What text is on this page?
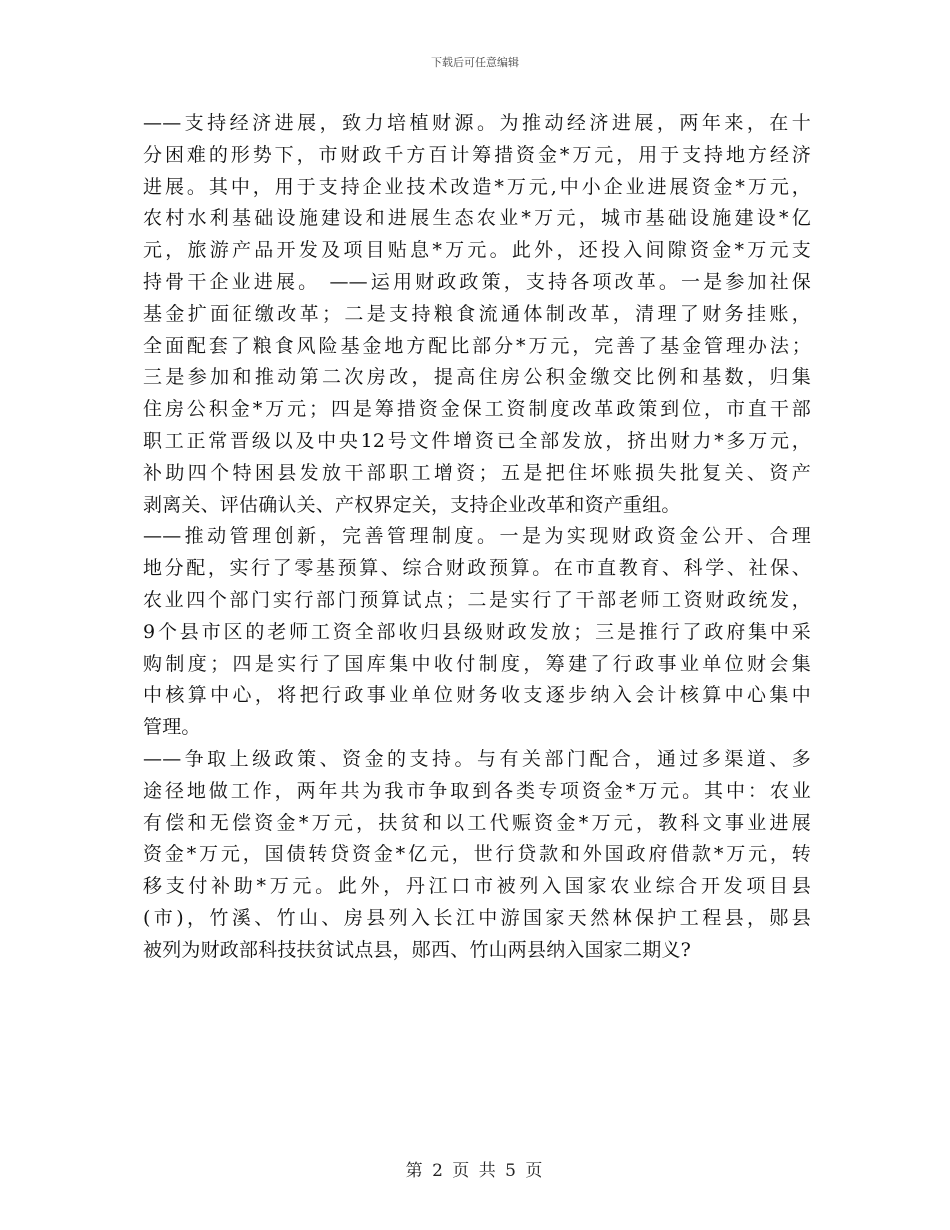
下载后可任意编辑
——支持经济进展，致力培植财源。为推动经济进展，两年来，在十
分困难的形势下，市财政千方百计筹措资金*万元，用于支持地方经济
进展。其中，用于支持企业技术改造*万元,中小企业进展资金*万元，
农村水利基础设施建设和进展生态农业*万元，城市基础设施建设*亿
元，旅游产品开发及项目贴息*万元。此外，还投入间隙资金*万元支
持骨干企业进展。 ——运用财政政策，支持各项改革。一是参加社保
基金扩面征缴改革；二是支持粮食流通体制改革，清理了财务挂账，
全面配套了粮食风险基金地方配比部分*万元，完善了基金管理办法；
三是参加和推动第二次房改，提高住房公积金缴交比例和基数，归集
住房公积金*万元；四是筹措资金保工资制度改革政策到位，市直干部
职工正常晋级以及中央12号文件增资已全部发放，挤出财力*多万元，
补助四个特困县发放干部职工增资；五是把住坏账损失批复关、资产
剥离关、评估确认关、产权界定关，支持企业改革和资产重组。
——推动管理创新，完善管理制度。一是为实现财政资金公开、合理
地分配，实行了零基预算、综合财政预算。在市直教育、科学、社保、
农业四个部门实行部门预算试点；二是实行了干部老师工资财政统发，
9个县市区的老师工资全部收归县级财政发放；三是推行了政府集中采
购制度；四是实行了国库集中收付制度，筹建了行政事业单位财会集
中核算中心，将把行政事业单位财务收支逐步纳入会计核算中心集中
管理。
——争取上级政策、资金的支持。与有关部门配合，通过多渠道、多
途径地做工作，两年共为我市争取到各类专项资金*万元。其中：农业
有偿和无偿资金*万元，扶贫和以工代赈资金*万元，教科文事业进展
资金*万元，国债转贷资金*亿元，世行贷款和外国政府借款*万元，转
移支付补助*万元。此外，丹江口市被列入国家农业综合开发项目县
(市)，竹溪、竹山、房县列入长江中游国家天然林保护工程县，郧县
被列为财政部科技扶贫试点县，郧西、竹山两县纳入国家二期义?
第 2 页 共 5 页
